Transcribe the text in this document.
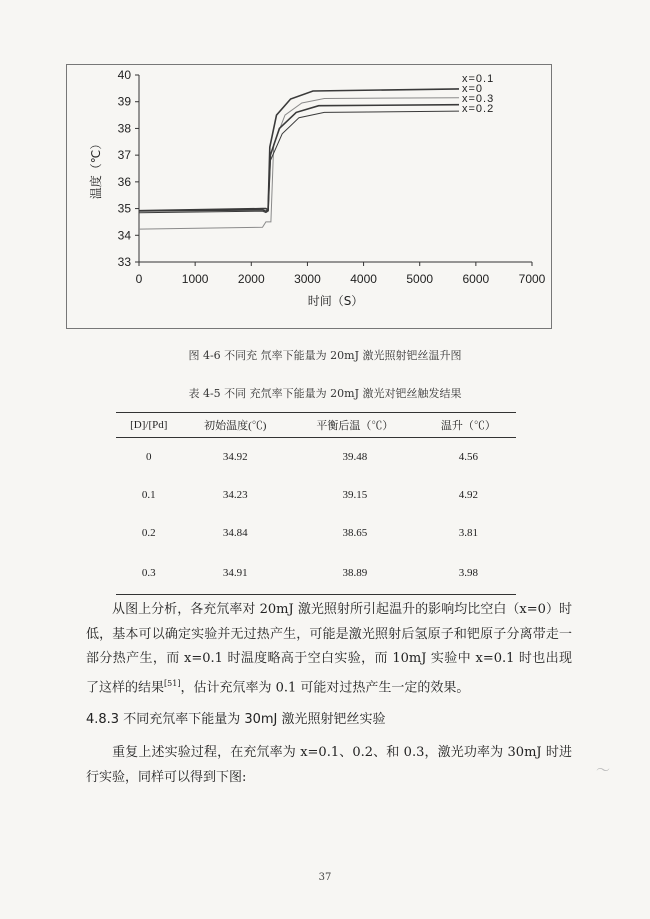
33
34
35
36
37
38
39
40
0	1000 2000 3000 4000 5000 6000 7000
时间（S）
温度（℃）
x=0.1
x=0
x=0.3
x=0.2
图 4-6 不同充 氘率下能量为 20mJ 激光照射钯丝温升图
表 4-5 不同 充氘率下能量为 20mJ 激光对钯丝触发结果
[D]/[Pd]	初始温度(℃)	平衡后温（℃）	温升（℃）
0	34.92	39.48	4.56
0.1	34.23	39.15	4.92
0.2	34.84	38.65	3.81
0.3	34.91	38.89	3.98
从图上分析，各充氘率对 20mJ 激光照射所引起温升的影响均比空白（x=0）时低，基本可以确定实验并无过热产生，可能是激光照射后氢原子和钯原子分离带走一部分热产生，而 x=0.1 时温度略高于空白实验，而 10mJ 实验中 x=0.1 时也出现了这样的结果[51]，估计充氘率为 0.1 可能对过热产生一定的效果。
4.8.3 不同充氘率下能量为 30mJ 激光照射钯丝实验
重复上述实验过程，在充氘率为 x=0.1、0.2、和 0.3，激光功率为 30mJ 时进行实验，同样可以得到下图:	〜
37
